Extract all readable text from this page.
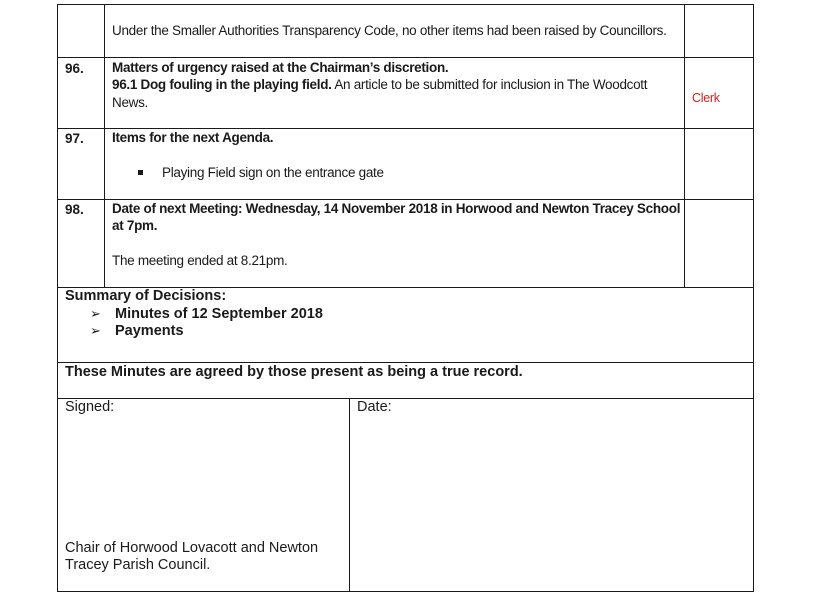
Under the Smaller Authorities Transparency Code, no other items had been raised by Councillors.
96. Matters of urgency raised at the Chairman’s discretion.
96.1 Dog fouling in the playing field. An article to be submitted for inclusion in The Woodcott
News.	Clerk
97. Items for the next Agenda.
Playing Field sign on the entrance gate
98. Date of next Meeting: Wednesday, 14 November 2018 in Horwood and Newton Tracey School
at 7pm.
The meeting ended at 8.21pm.
Summary of Decisions:
➢ Minutes of 12 September 2018
➢ Payments
These Minutes are agreed by those present as being a true record.
Signed:	Date:
Chair of Horwood Lovacott and Newton
Tracey Parish Council.
